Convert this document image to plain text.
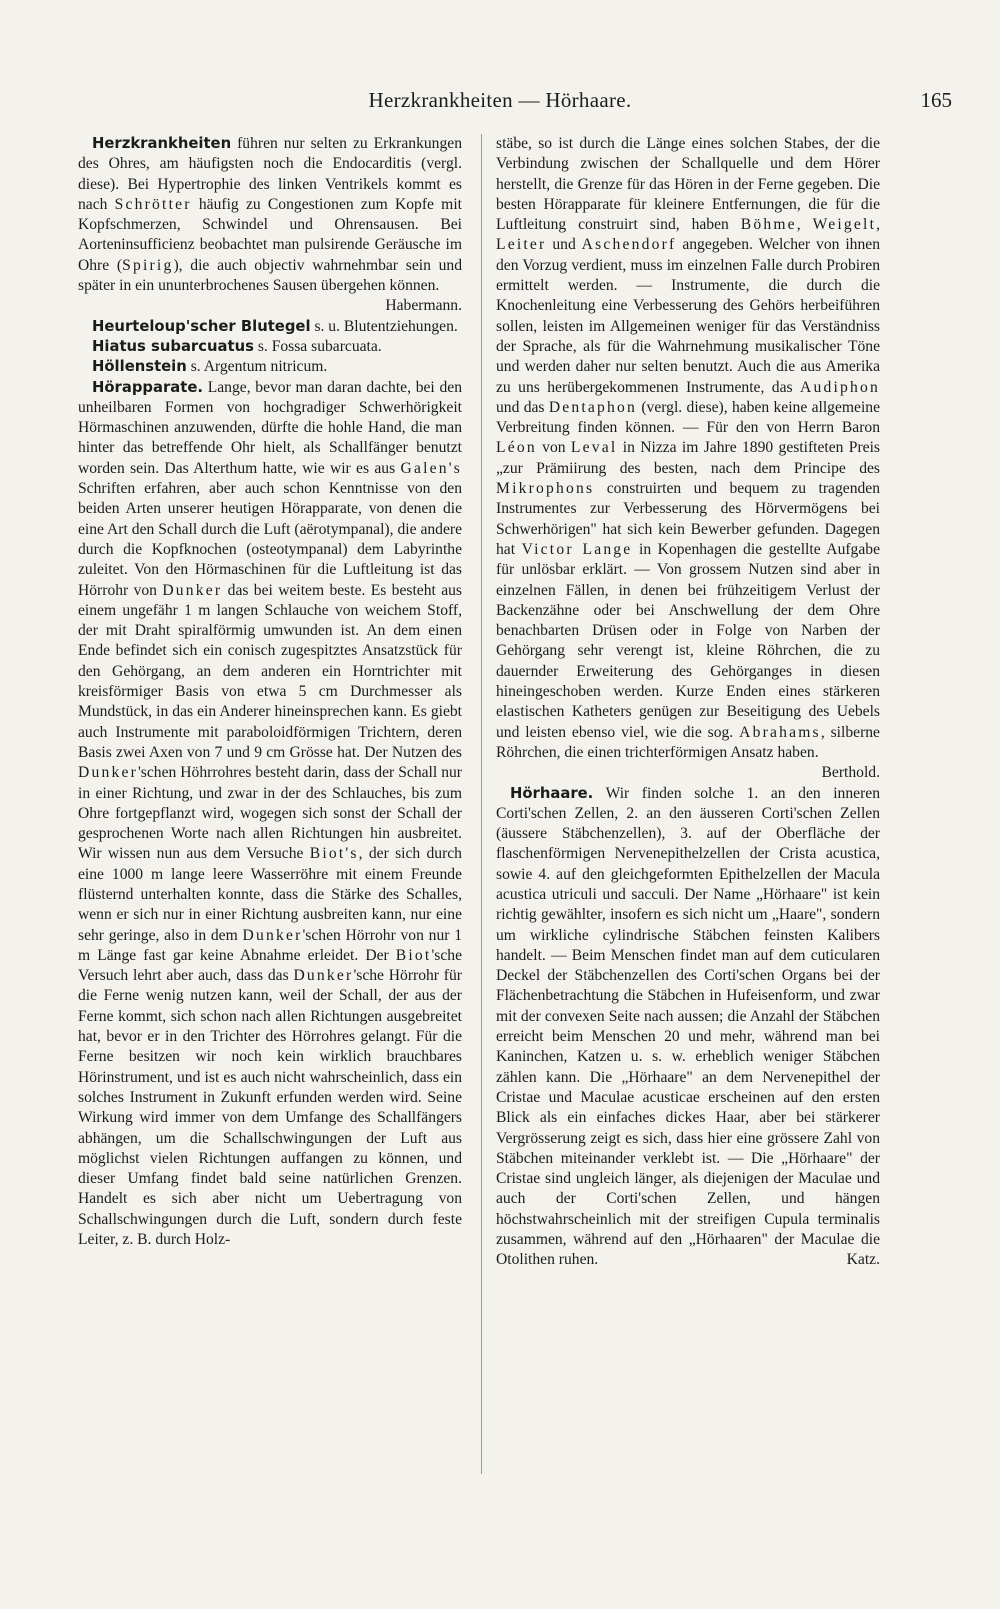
Herzkrankheiten — Hörhaare.	165

Herzkrankheiten führen nur selten zu Erkrankungen des Ohres, am häufigsten noch die Endocarditis (vergl. diese). Bei Hypertrophie des linken Ventrikels kommt es nach Schrötter häufig zu Congestionen zum Kopfe mit Kopfschmerzen, Schwindel und Ohrensausen. Bei Aorteninsufficienz beobachtet man pulsirende Geräusche im Ohre (Spirig), die auch objectiv wahrnehmbar sein und später in ein ununterbrochenes Sausen übergehen können.
Habermann.

Heurteloup'scher Blutegel s. u. Blutentziehungen.

Hiatus subarcuatus s. Fossa subarcuata.

Höllenstein s. Argentum nitricum.

Hörapparate. Lange, bevor man daran dachte, bei den unheilbaren Formen von hochgradiger Schwerhörigkeit Hörmaschinen anzuwenden, dürfte die hohle Hand, die man hinter das betreffende Ohr hielt, als Schallfänger benutzt worden sein. Das Alterthum hatte, wie wir es aus Galen's Schriften erfahren, aber auch schon Kenntnisse von den beiden Arten unserer heutigen Hörapparate, von denen die eine Art den Schall durch die Luft (aërotympanal), die andere durch die Kopfknochen (osteotympanal) dem Labyrinthe zuleitet. Von den Hörmaschinen für die Luftleitung ist das Hörrohr von Dunker das bei weitem beste. Es besteht aus einem ungefähr 1 m langen Schlauche von weichem Stoff, der mit Draht spiralförmig umwunden ist. An dem einen Ende befindet sich ein conisch zugespitztes Ansatzstück für den Gehörgang, an dem anderen ein Horntrichter mit kreisförmiger Basis von etwa 5 cm Durchmesser als Mundstück, in das ein Anderer hineinsprechen kann. Es giebt auch Instrumente mit paraboloidförmigen Trichtern, deren Basis zwei Axen von 7 und 9 cm Grösse hat. Der Nutzen des Dunker'schen Höhrrohres besteht darin, dass der Schall nur in einer Richtung, und zwar in der des Schlauches, bis zum Ohre fortgepflanzt wird, wogegen sich sonst der Schall der gesprochenen Worte nach allen Richtungen hin ausbreitet. Wir wissen nun aus dem Versuche Biot's, der sich durch eine 1000 m lange leere Wasserröhre mit einem Freunde flüsternd unterhalten konnte, dass die Stärke des Schalles, wenn er sich nur in einer Richtung ausbreiten kann, nur eine sehr geringe, also in dem Dunker'schen Hörrohr von nur 1 m Länge fast gar keine Abnahme erleidet. Der Biot'sche Versuch lehrt aber auch, dass das Dunker'sche Hörrohr für die Ferne wenig nutzen kann, weil der Schall, der aus der Ferne kommt, sich schon nach allen Richtungen ausgebreitet hat, bevor er in den Trichter des Hörrohres gelangt. Für die Ferne besitzen wir noch kein wirklich brauchbares Hörinstrument, und ist es auch nicht wahrscheinlich, dass ein solches Instrument in Zukunft erfunden werden wird. Seine Wirkung wird immer von dem Umfange des Schallfängers abhängen, um die Schallschwingungen der Luft aus möglichst vielen Richtungen auffangen zu können, und dieser Umfang findet bald seine natürlichen Grenzen. Handelt es sich aber nicht um Uebertragung von Schallschwingungen durch die Luft, sondern durch feste Leiter, z. B. durch Holz-

stäbe, so ist durch die Länge eines solchen Stabes, der die Verbindung zwischen der Schallquelle und dem Hörer herstellt, die Grenze für das Hören in der Ferne gegeben. Die besten Hörapparate für kleinere Entfernungen, die für die Luftleitung construirt sind, haben Böhme, Weigelt, Leiter und Aschendorf angegeben. Welcher von ihnen den Vorzug verdient, muss im einzelnen Falle durch Probiren ermittelt werden. — Instrumente, die durch die Knochenleitung eine Verbesserung des Gehörs herbeiführen sollen, leisten im Allgemeinen weniger für das Verständniss der Sprache, als für die Wahrnehmung musikalischer Töne und werden daher nur selten benutzt. Auch die aus Amerika zu uns herübergekommenen Instrumente, das Audiphon und das Dentaphon (vergl. diese), haben keine allgemeine Verbreitung finden können. — Für den von Herrn Baron Léon von Leval in Nizza im Jahre 1890 gestifteten Preis „zur Prämiirung des besten, nach dem Principe des Mikrophons construirten und bequem zu tragenden Instrumentes zur Verbesserung des Hörvermögens bei Schwerhörigen" hat sich kein Bewerber gefunden. Dagegen hat Victor Lange in Kopenhagen die gestellte Aufgabe für unlösbar erklärt. — Von grossem Nutzen sind aber in einzelnen Fällen, in denen bei frühzeitigem Verlust der Backenzähne oder bei Anschwellung der dem Ohre benachbarten Drüsen oder in Folge von Narben der Gehörgang sehr verengt ist, kleine Röhrchen, die zu dauernder Erweiterung des Gehörganges in diesen hineingeschoben werden. Kurze Enden eines stärkeren elastischen Katheters genügen zur Beseitigung des Uebels und leisten ebenso viel, wie die sog. Abrahams, silberne Röhrchen, die einen trichterförmigen Ansatz haben.
Berthold.

Hörhaare. Wir finden solche 1. an den inneren Corti'schen Zellen, 2. an den äusseren Corti'schen Zellen (äussere Stäbchenzellen), 3. auf der Oberfläche der flaschenförmigen Nervenepithelzellen der Crista acustica, sowie 4. auf den gleichgeformten Epithelzellen der Macula acustica utriculi und sacculi. Der Name „Hörhaare" ist kein richtig gewählter, insofern es sich nicht um „Haare", sondern um wirkliche cylindrische Stäbchen feinsten Kalibers handelt. — Beim Menschen findet man auf dem cuticularen Deckel der Stäbchenzellen des Corti'schen Organs bei der Flächenbetrachtung die Stäbchen in Hufeisenform, und zwar mit der convexen Seite nach aussen; die Anzahl der Stäbchen erreicht beim Menschen 20 und mehr, während man bei Kaninchen, Katzen u. s. w. erheblich weniger Stäbchen zählen kann. Die „Hörhaare" an dem Nervenepithel der Cristae und Maculae acusticae erscheinen auf den ersten Blick als ein einfaches dickes Haar, aber bei stärkerer Vergrösserung zeigt es sich, dass hier eine grössere Zahl von Stäbchen miteinander verklebt ist. — Die „Hörhaare" der Cristae sind ungleich länger, als diejenigen der Maculae und auch der Corti'schen Zellen, und hängen höchstwahrscheinlich mit der streifigen Cupula terminalis zusammen, während auf den „Hörhaaren" der Maculae die Otolithen ruhen.	Katz.
